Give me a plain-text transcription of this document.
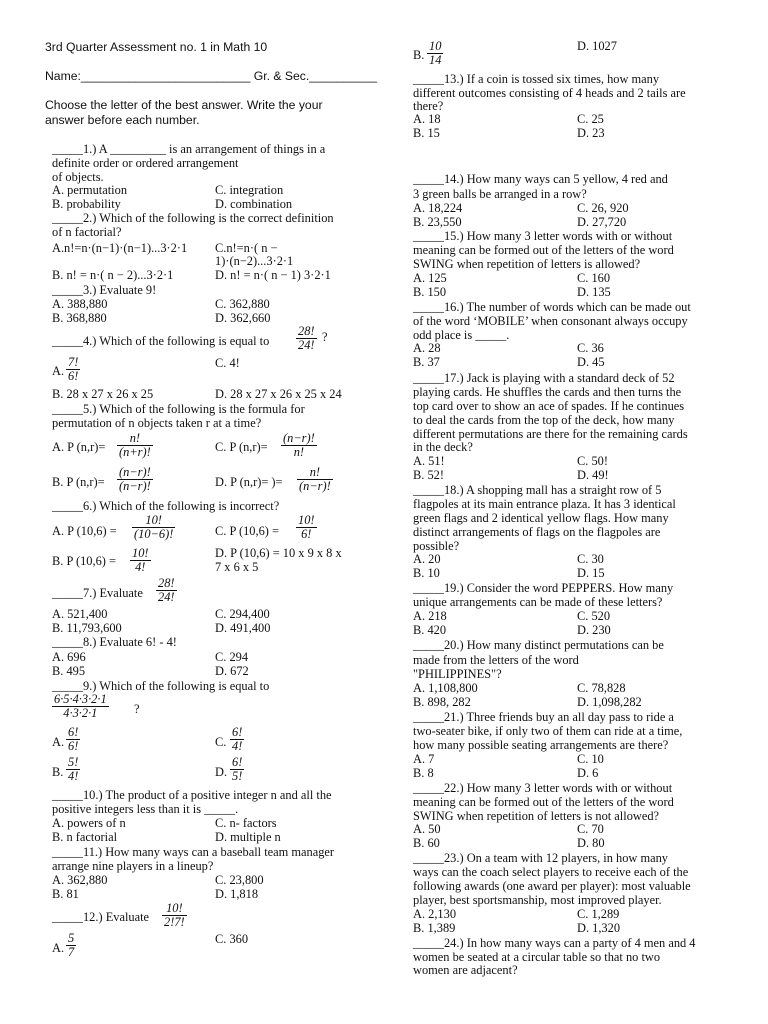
3rd Quarter Assessment no. 1 in Math 10
Name:_________________________ Gr. & Sec.__________
Choose the letter of the best answer. Write the your
answer before each number.
_____1.) A _________ is an arrangement of things in a
definite order or ordered arrangement
of objects.
A. permutation	C. integration
B. probability	D. combination
_____2.) Which of the following is the correct definition
of n factorial?
A.n!=n·(n−1)·(n−1)...3·2·1 C.n!=n·( n −
1)·(n−2)...3·2·1
B. n! = n·( n − 2)...3·2·1	D. n! = n·( n − 1) 3·2·1
_____3.) Evaluate 9!
A. 388,880	C. 362,880
B. 368,880	D. 362,660
_____4.) Which of the following is equal to $\frac{28!}{24!}$ ?
A. $\frac{7!}{6!}$	C. 4!
B. 28 x 27 x 26 x 25	D. 28 x 27 x 26 x 25 x 24
_____5.) Which of the following is the formula for
permutation of n objects taken r at a time?
A. P $(n,r)= \frac{n!}{(n+r)!}$	C. P $(n,r)= \frac{(n-r)!}{n!}$
B. P $(n,r)= \frac{(n-r)!}{(n-r)!}$	D. P (n,r)= )= $\frac{n!}{(n-r)!}$
_____6.) Which of the following is incorrect?
A. P $(10,6) = \frac{10!}{(10-6)!}$	C. P $(10,6) = \frac{10!}{6!}$
B. P $(10,6) = \frac{10!}{4!}$	D. P (10,6) = 10 x 9 x 8 x
7 x 6 x 5
_____7.) Evaluate $\frac{28!}{24!}$
A. 521,400	C. 294,400
B. 11,793,600	D. 491,400
_____8.) Evaluate 6! - 4!
A. 696	C. 294
B. 495	D. 672
_____9.) Which of the following is equal to
$\frac{6\cdot 5\cdot 4\cdot 3\cdot 2\cdot 1}{4\cdot 3\cdot 2\cdot 1}$ ?
A. $\frac{6!}{6!}$	C. $\frac{6!}{4!}$
B. $\frac{5!}{4!}$	D. $\frac{6!}{5!}$
_____10.) The product of a positive integer n and all the
positive integers less than it is _____.
A. powers of n	C. n- factors
B. n factorial	D. multiple n
_____11.) How many ways can a baseball team manager
arrange nine players in a lineup?
A. 362,880	C. 23,800
B. 81	D. 1,818
_____12.) Evaluate $\frac{10!}{2!7!}$
A. $\frac{5}{7}$	C. 360
B. $\frac{10}{14}$	D. 1027
_____13.) If a coin is tossed six times, how many
different outcomes consisting of 4 heads and 2 tails are
there?
A. 18	C. 25
B. 15	D. 23
_____14.) How many ways can 5 yellow, 4 red and
3 green balls be arranged in a row?
A. 18,224	C. 26, 920
B. 23,550	D. 27,720
_____15.) How many 3 letter words with or without
meaning can be formed out of the letters of the word
SWING when repetition of letters is allowed?
A. 125	C. 160
B. 150	D. 135
_____16.) The number of words which can be made out
of the word ‘MOBILE’ when consonant always occupy
odd place is _____.
A. 28	C. 36
B. 37	D. 45
_____17.) Jack is playing with a standard deck of 52
playing cards. He shuffles the cards and then turns the
top card over to show an ace of spades. If he continues
to deal the cards from the top of the deck, how many
different permutations are there for the remaining cards
in the deck?
A. 51!	C. 50!
B. 52!	D. 49!
_____18.) A shopping mall has a straight row of 5
flagpoles at its main entrance plaza. It has 3 identical
green flags and 2 identical yellow flags. How many
distinct arrangements of flags on the flagpoles are
possible?
A. 20	C. 30
B. 10	D. 15
_____19.) Consider the word PEPPERS. How many
unique arrangements can be made of these letters?
A. 218	C. 520
B. 420	D. 230
_____20.) How many distinct permutations can be
made from the letters of the word
"PHILIPPINES"?
A. 1,108,800	C. 78,828
B. 898, 282	D. 1,098,282
_____21.) Three friends buy an all day pass to ride a
two-seater bike, if only two of them can ride at a time,
how many possible seating arrangements are there?
A. 7	C. 10
B. 8	D. 6
_____22.) How many 3 letter words with or without
meaning can be formed out of the letters of the word
SWING when repetition of letters is not allowed?
A. 50	C. 70
B. 60	D. 80
_____23.) On a team with 12 players, in how many
ways can the coach select players to receive each of the
following awards (one award per player): most valuable
player, best sportsmanship, most improved player.
A. 2,130	C. 1,289
B. 1,389	D. 1,320
_____24.) In how many ways can a party of 4 men and 4
women be seated at a circular table so that no two
women are adjacent?
